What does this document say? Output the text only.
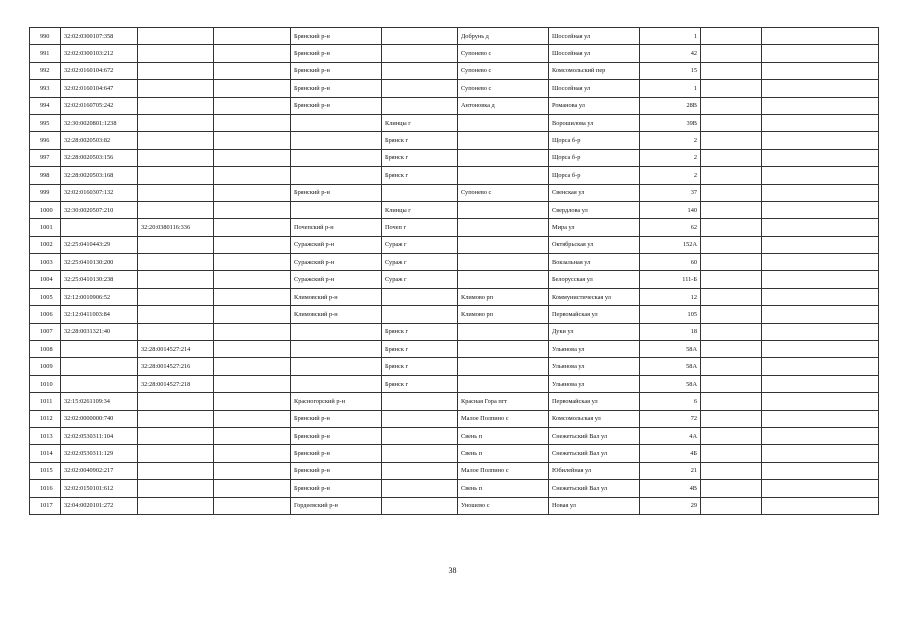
990	32:02:0300107:358			Брянский р-н		Добрунь д	Шоссейная ул	1		
991	32:02:0300103:212			Брянский р-н		Супонево с	Шоссейная ул	42		
992	32:02:0160104:672			Брянский р-н		Супонево с	Комсомольский пер	15		
993	32:02:0160104:647			Брянский р-н		Супонево с	Шоссейная ул	1		
994	32:02:0160705:242			Брянский р-н		Антоновка д	Романова ул	28В		
995	32:30:0020801:1238				Клинцы г		Ворошилова ул	39В		
996	32:28:0020503:82				Брянск г		Щорса б-р	2		
997	32:28:0020503:156				Брянск г		Щорса б-р	2		
998	32:28:0020503:168				Брянск г		Щорса б-р	2		
999	32:02:0160307:132			Брянский р-н		Супонево с	Свенская ул	37		
1000	32:30:0020507:210				Клинцы г		Свердлова ул	140		
1001		32:20:0380116:336		Почепский р-н	Почеп г		Мира ул	62		
1002	32:25:0410443:29			Суражский р-н	Сураж г		Октябрьская ул	152А		
1003	32:25:0410130:200			Суражский р-н	Сураж г		Вокзальная ул	60		
1004	32:25:0410130:238			Суражский р-н	Сураж г		Белорусская ул	111-Б		
1005	32:12:0010906:52			Климовский р-н		Климово рп	Коммунистическая ул	12		
1006	32:12:0411003:84			Климовский р-н		Климово рп	Первомайская ул	105		
1007	32:28:0031321:40				Брянск г		Дуки ул	18		
1008		32:28:0014527:214			Брянск г		Ульянова ул	58А		
1009		32:28:0014527:216			Брянск г		Ульянова ул	58А		
1010		32:28:0014527:218			Брянск г		Ульянова ул	58А		
1011	32:15:0261109:34			Красногорский р-н		Красная Гора пгт	Первомайская ул	6		
1012	32:02:0000000:740			Брянский р-н		Малое Полпино с	Комсомольская ул	72		
1013	32:02:0530311:104			Брянский р-н		Свень п	Снежетьский Вал ул	4А		
1014	32:02:0530311:129			Брянский р-н		Свень п	Снежетьский Вал ул	4Б		
1015	32:02:0040902:217			Брянский р-н		Малое Полпино с	Юбилейная ул	21		
1016	32:02:0150101:612			Брянский р-н		Свень п	Снежетьский Вал ул	4В		
1017	32:04:0020101:272			Гордеевский р-н		Уношево с	Новая ул	29		
38
